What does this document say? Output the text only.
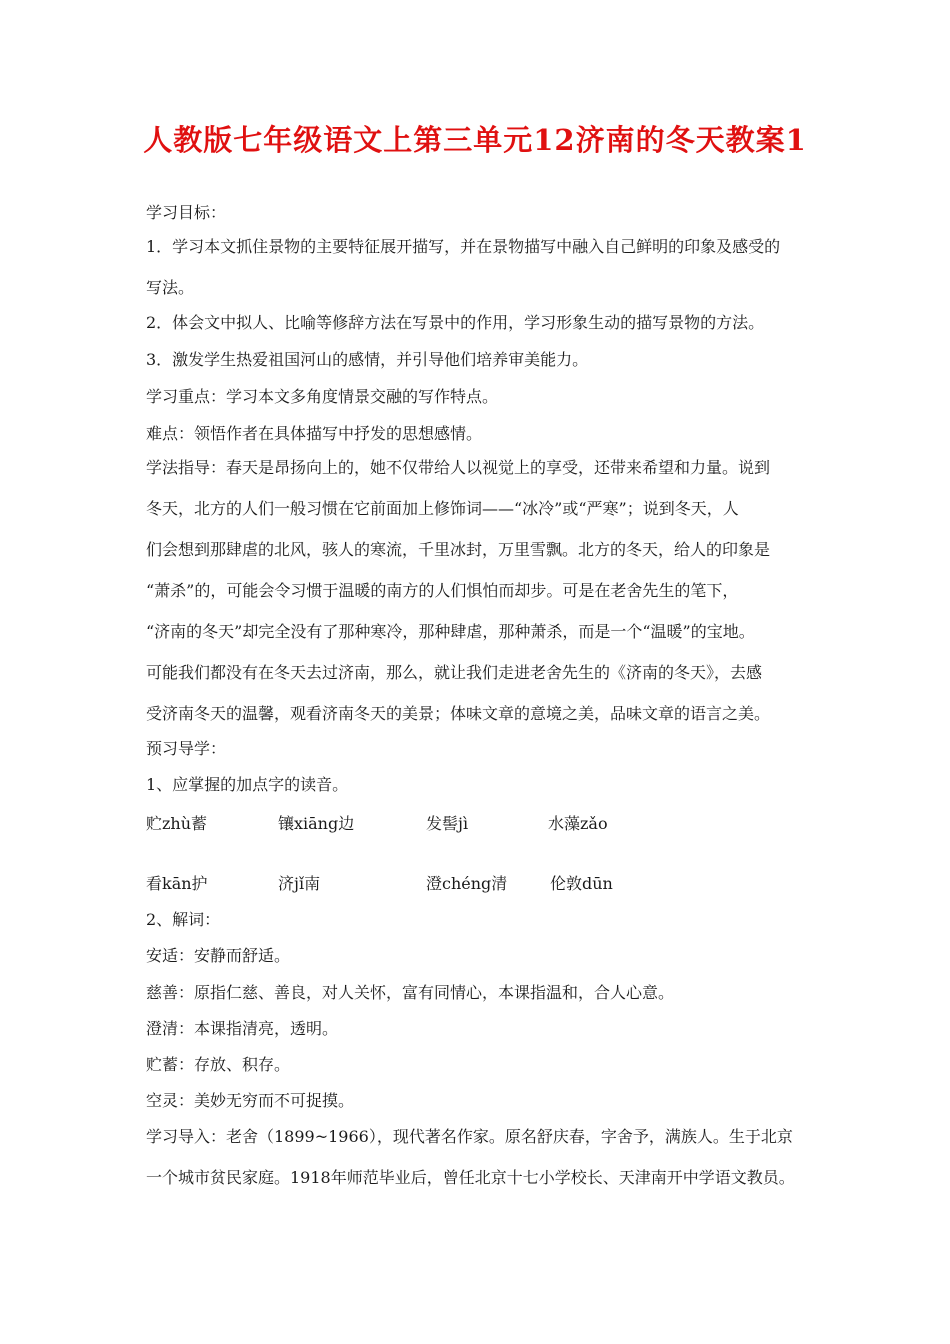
人教版七年级语文上第三单元12济南的冬天教案1
学习目标：
1．学习本文抓住景物的主要特征展开描写，并在景物描写中融入自己鲜明的印象及感受的
写法。
2．体会文中拟人、比喻等修辞方法在写景中的作用，学习形象生动的描写景物的方法。
3．激发学生热爱祖国河山的感情，并引导他们培养审美能力。
学习重点：学习本文多角度情景交融的写作特点。
难点：领悟作者在具体描写中抒发的思想感情。
学法指导：春天是昂扬向上的，她不仅带给人以视觉上的享受，还带来希望和力量。说到
冬天，北方的人们一般习惯在它前面加上修饰词——“冰冷”或“严寒”；说到冬天，人
们会想到那肆虐的北风，骇人的寒流，千里冰封，万里雪飘。北方的冬天，给人的印象是
“萧杀”的，可能会令习惯于温暖的南方的人们惧怕而却步。可是在老舍先生的笔下，
“济南的冬天”却完全没有了那种寒冷，那种肆虐，那种萧杀，而是一个“温暖”的宝地。
可能我们都没有在冬天去过济南，那么，就让我们走进老舍先生的《济南的冬天》，去感
受济南冬天的温馨，观看济南冬天的美景；体味文章的意境之美，品味文章的语言之美。
预习导学：
1、应掌握的加点字的读音。
贮zhù蓄	镶xiāng边	发髻jì	水藻zǎo
看kān护	济jǐ南	澄chéng清	伦敦dūn
2、解词：
安适：安静而舒适。
慈善：原指仁慈、善良，对人关怀，富有同情心，本课指温和，合人心意。
澄清：本课指清亮，透明。
贮蓄：存放、积存。
空灵：美妙无穷而不可捉摸。
学习导入：老舍（1899~1966），现代著名作家。原名舒庆春，字舍予，满族人。生于北京
一个城市贫民家庭。1918年师范毕业后，曾任北京十七小学校长、天津南开中学语文教员。
